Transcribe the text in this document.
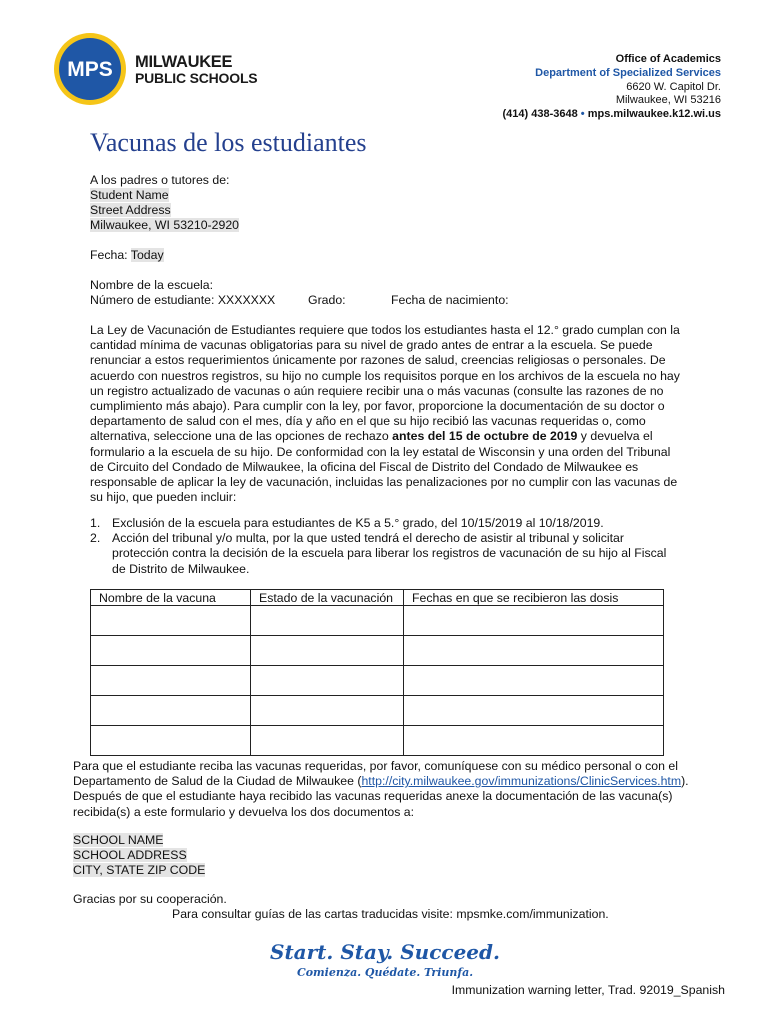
MPS MILWAUKEE
PUBLIC SCHOOLS
Office of Academics
Department of Specialized Services
6620 W. Capitol Dr.
Milwaukee, WI 53216
(414) 438-3648 • mps.milwaukee.k12.wi.us
Vacunas de los estudiantes
A los padres o tutores de:
Student Name
Street Address
Milwaukee, WI 53210-2920
Fecha: Today
Nombre de la escuela:
Número de estudiante: XXXXXXX	Grado:	Fecha de nacimiento:
La Ley de Vacunación de Estudiantes requiere que todos los estudiantes hasta el 12.° grado cumplan con la cantidad mínima de vacunas obligatorias para su nivel de grado antes de entrar a la escuela. Se puede renunciar a estos requerimientos únicamente por razones de salud, creencias religiosas o personales. De acuerdo con nuestros registros, su hijo no cumple los requisitos porque en los archivos de la escuela no hay un registro actualizado de vacunas o aún requiere recibir una o más vacunas (consulte las razones de no cumplimiento más abajo). Para cumplir con la ley, por favor, proporcione la documentación de su doctor o departamento de salud con el mes, día y año en el que su hijo recibió las vacunas requeridas o, como alternativa, seleccione una de las opciones de rechazo antes del 15 de octubre de 2019 y devuelva el formulario a la escuela de su hijo. De conformidad con la ley estatal de Wisconsin y una orden del Tribunal de Circuito del Condado de Milwaukee, la oficina del Fiscal de Distrito del Condado de Milwaukee es responsable de aplicar la ley de vacunación, incluidas las penalizaciones por no cumplir con las vacunas de su hijo, que pueden incluir:
1. Exclusión de la escuela para estudiantes de K5 a 5.° grado, del 10/15/2019 al 10/18/2019.
2. Acción del tribunal y/o multa, por la que usted tendrá el derecho de asistir al tribunal y solicitar protección contra la decisión de la escuela para liberar los registros de vacunación de su hijo al Fiscal de Distrito de Milwaukee.
Nombre de la vacuna	Estado de la vacunación	Fechas en que se recibieron las dosis

Para que el estudiante reciba las vacunas requeridas, por favor, comuníquese con su médico personal o con el Departamento de Salud de la Ciudad de Milwaukee (http://city.milwaukee.gov/immunizations/ClinicServices.htm). Después de que el estudiante haya recibido las vacunas requeridas anexe la documentación de las vacuna(s) recibida(s) a este formulario y devuelva los dos documentos a:
SCHOOL NAME
SCHOOL ADDRESS
CITY, STATE ZIP CODE
Gracias por su cooperación.
Para consultar guías de las cartas traducidas visite: mpsmke.com/immunization.
Start. Stay. Succeed.
Comienza. Quédate. Triunfa.
Immunization warning letter, Trad. 92019_Spanish
